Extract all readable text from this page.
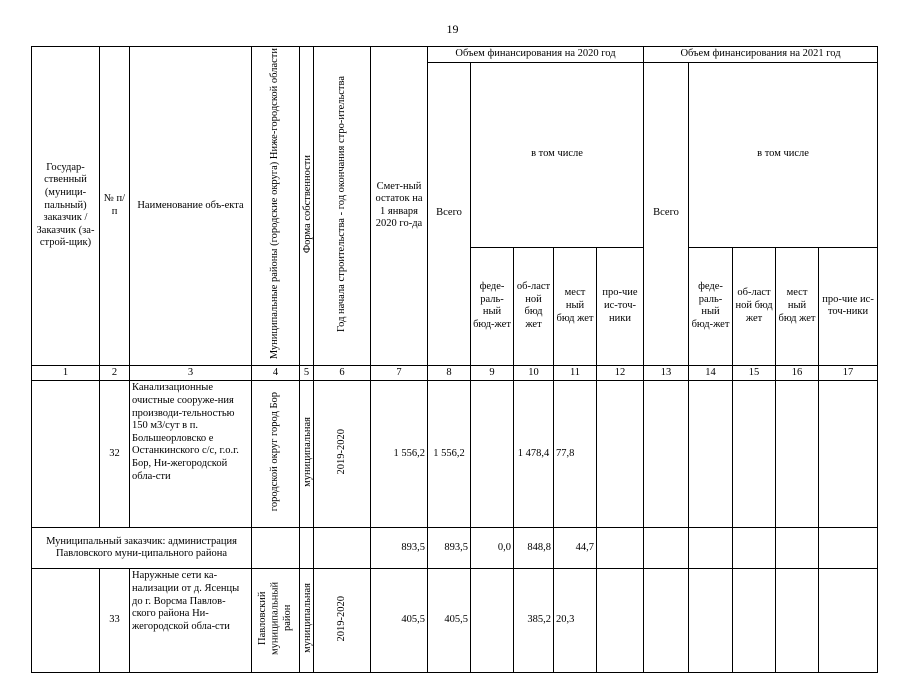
19
Государ-ственный (муници-пальный) заказчик /Заказчик (за-строй-щик)	№ п/п	Наименование объ-екта	Муниципальные районы (городские округа) Ниже-городской области	Форма собственности	Год начала строительства - год окончания стро-ительства	Смет-ный остаток на 1 января 2020 го-да	Объем финансирования на 2020 год					Объем финансирования на 2021 год				
							Всего	в том числе				Всего	в том числе			
								феде-раль-ный бюд-жет	об-ласт ной бюд жет	мест ный бюд жет	про-чие ис-точ-ники		феде-раль-ный бюд-жет	об-ласт ной бюд жет	мест ный бюд жет	про-чие ис-точ-ники
1	2	3	4	5	6	7	8	9	10	11	12	13	14	15	16	17
	32	Канализационные очистные сооруже-ния производи-тельностью 150 м3/сут в п. Большеорловско е Останкинского с/с, г.о.г. Бор, Ни-жегородской обла-сти	городской округ город Бор	муниципальная	2019-2020	1 556,2	1 556,2		1 478,4	77,8						
Муниципальный заказчик: администрация Павловского муни-ципального района						893,5	893,5	0,0	848,8	44,7						
	33	Наружные сети ка-нализации от д. Ясенцы до г. Ворсма Павлов-ского района Ни-жегородской обла-сти	Павловский муниципальный район	муниципальная	2019-2020	405,5	405,5		385,2	20,3						
